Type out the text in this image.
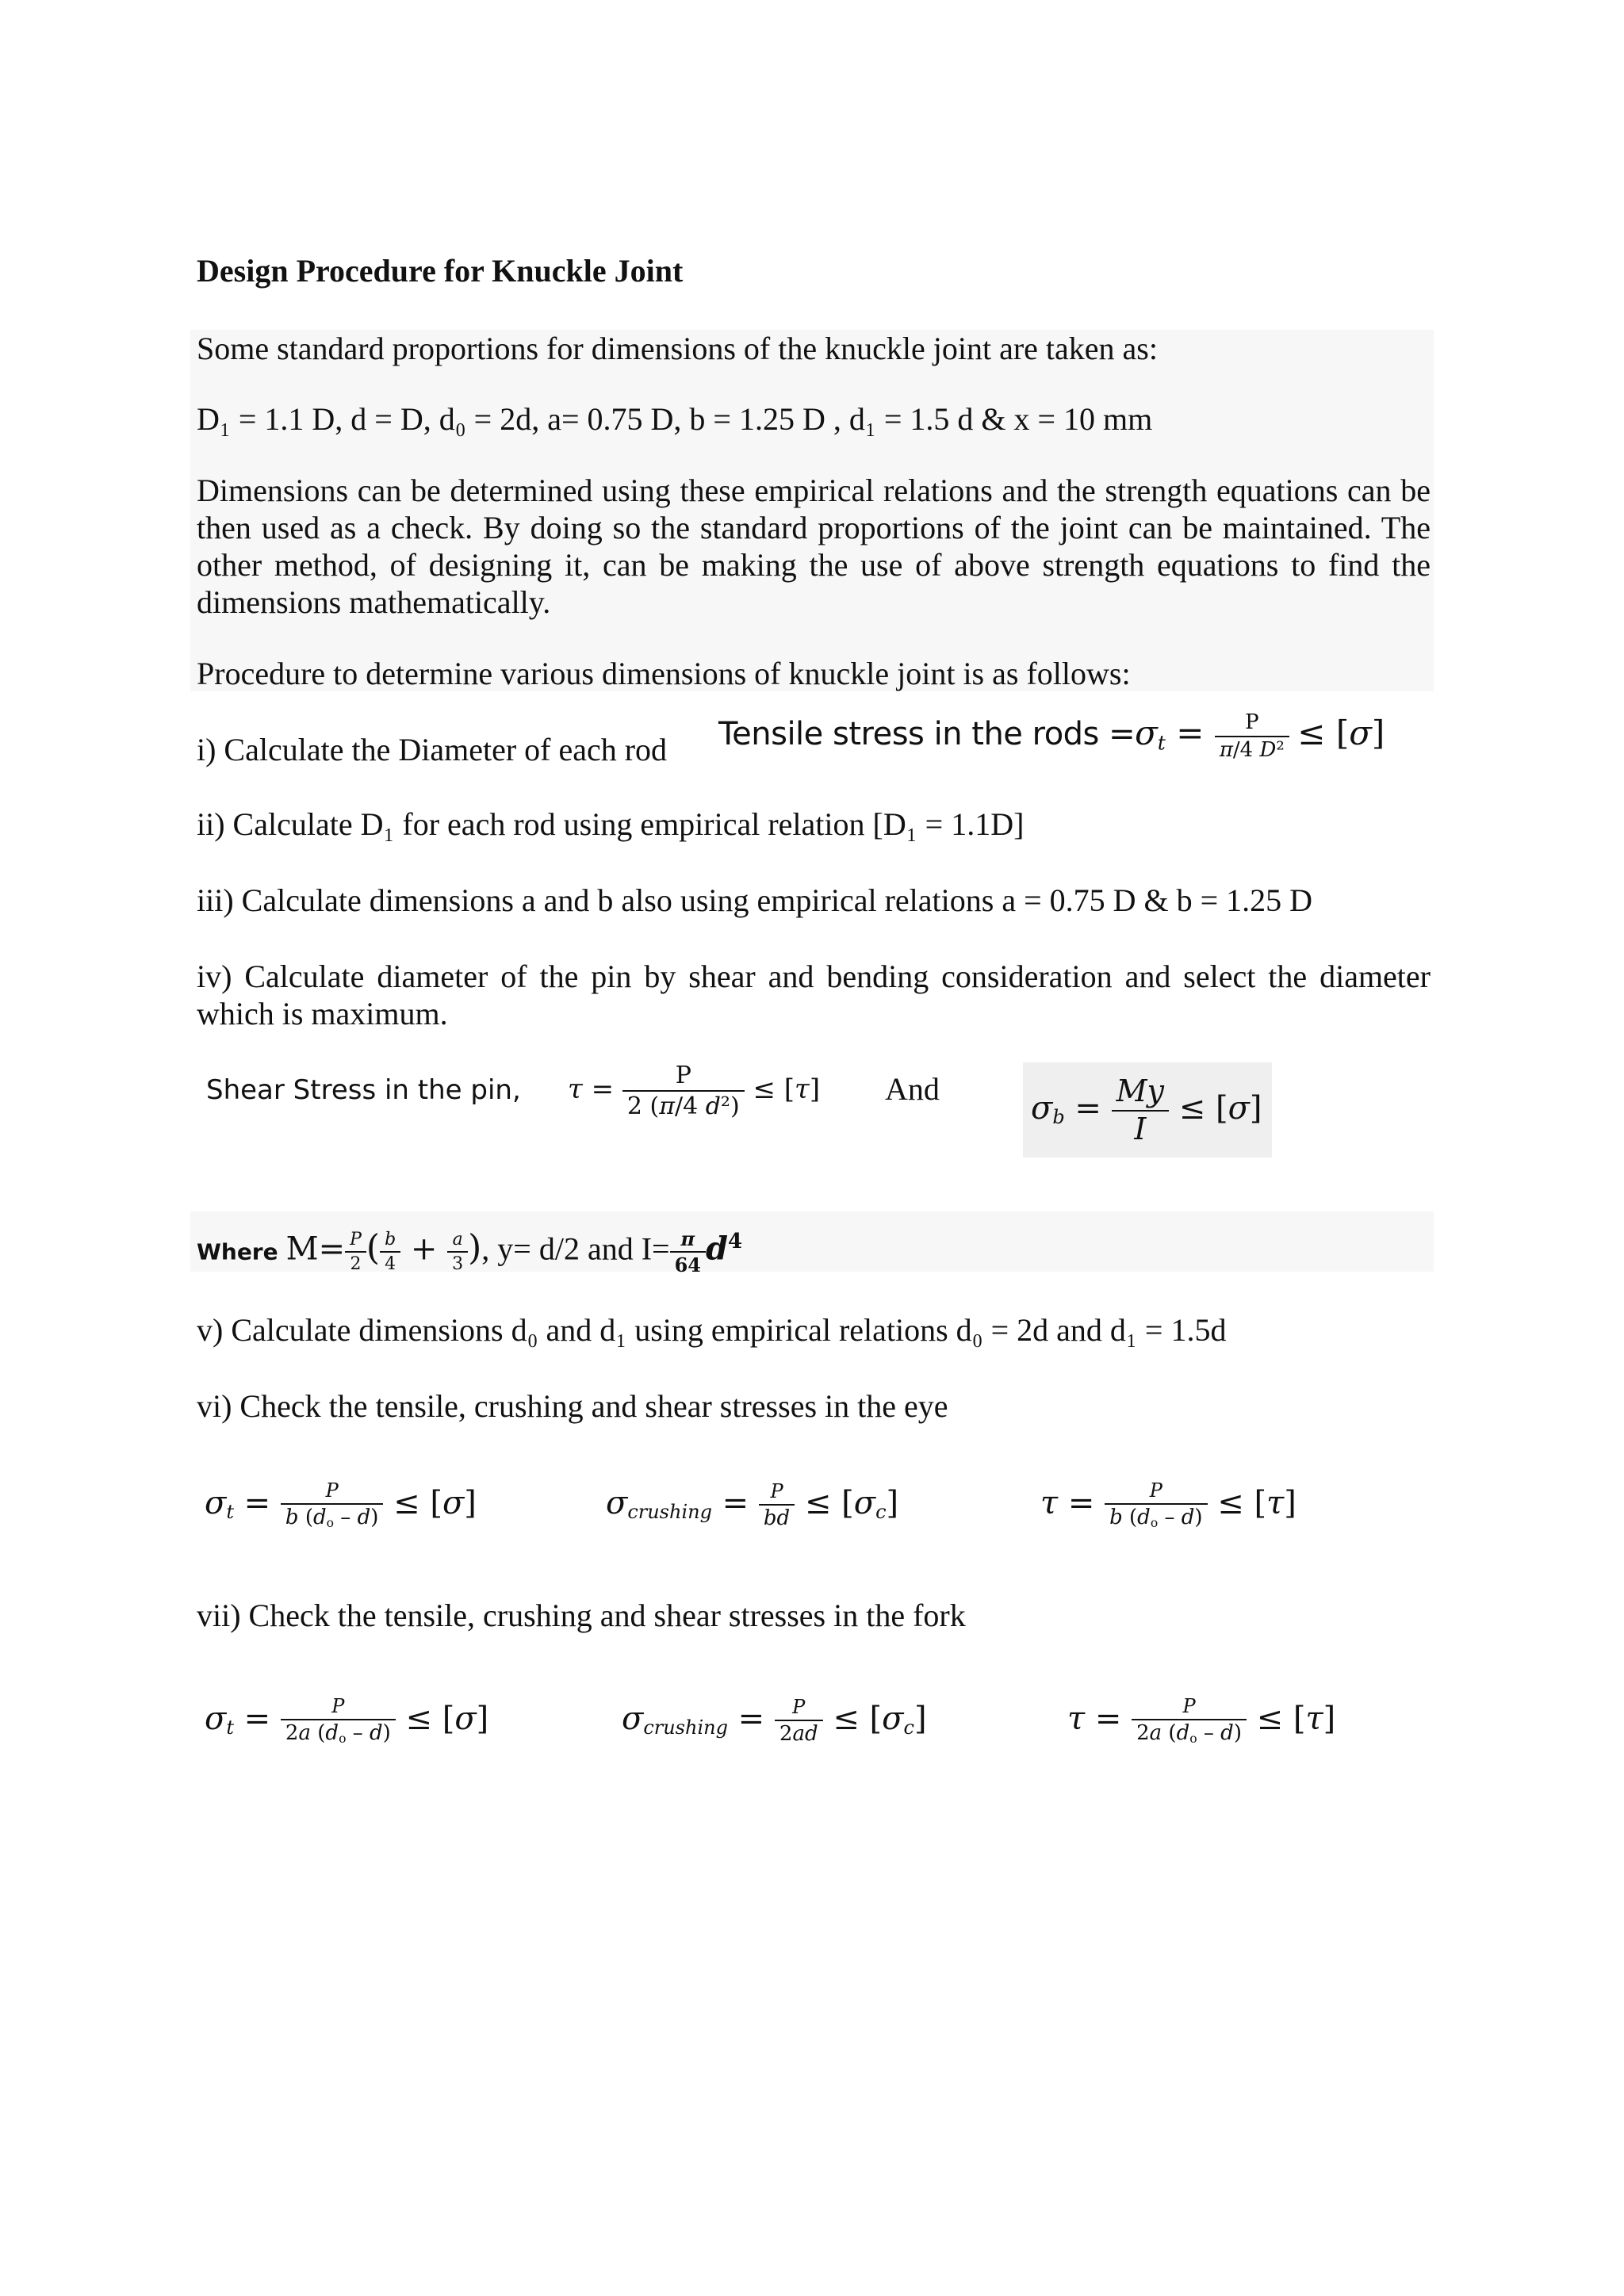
Design Procedure for Knuckle Joint
Some standard proportions for dimensions of the knuckle joint are taken as:
D₁ = 1.1 D, d = D, d₀ = 2d, a= 0.75 D, b = 1.25 D , d₁ = 1.5 d & x = 10 mm
Dimensions can be determined using these empirical relations and the strength equations can be then used as a check. By doing so the standard proportions of the joint can be maintained. The other method, of designing it, can be making the use of above strength equations to find the dimensions mathematically.
Procedure to determine various dimensions of knuckle joint is as follows:
i) Calculate the Diameter of each rod Tensile stress in the rods $=\sigma_t = \frac{P}{\text{π/4 D²}} \le [\sigma]$
ii) Calculate D₁ for each rod using empirical relation [D₁ = 1.1D]
iii) Calculate dimensions a and b also using empirical relations a = 0.75 D & b = 1.25 D
iv) Calculate diameter of the pin by shear and bending consideration and select the diameter which is maximum.
Shear Stress in the pin, $\tau = \frac{P}{\text{2 (π/4 d²)}} \le [\tau]$ And
$\sigma_b = \frac{My}{I} \le [\sigma]$
Where $M= \frac{P}{2}$ ( $\frac{b}{4} + \frac{a}{3}$ ), y= d/2 and $I= \frac{\pi}{64} d^4$
v) Calculate dimensions d₀ and d₁ using empirical relations d₀ = 2d and d₁ = 1.5d
vi) Check the tensile, crushing and shear stresses in the eye
$\sigma_t = \frac{P}{b (d_o - d)} \le [\sigma]$	$\sigma_{crushing} = \frac{P}{bd} \le [\sigma_c]$	$\tau = \frac{P}{b (d_o - d)} \le [\tau]$
vii) Check the tensile, crushing and shear stresses in the fork
$\sigma_t = \frac{P}{2a (d_o - d)} \le [\sigma]$	$\sigma_{crushing} = \frac{P}{2ad} \le [\sigma_c]$	$\tau = \frac{P}{2a (d_o - d)} \le [\tau]$
